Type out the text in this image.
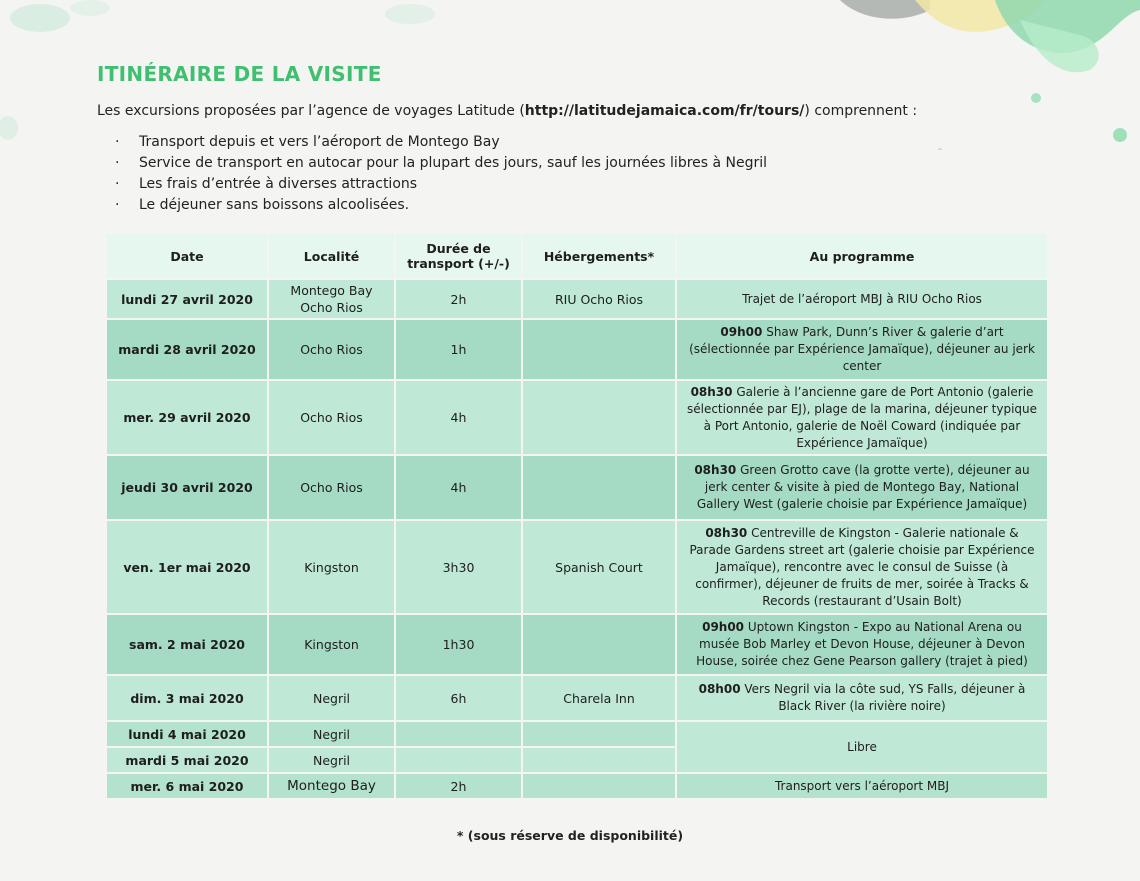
ITINÉRAIRE DE LA VISITE

Les excursions proposées par l’agence de voyages Latitude (http://latitudejamaica.com/fr/tours/) comprennent :

· Transport depuis et vers l’aéroport de Montego Bay
· Service de transport en autocar pour la plupart des jours, sauf les journées libres à Negril
· Les frais d’entrée à diverses attractions
· Le déjeuner sans boissons alcoolisées.
Date	Localité	Durée de transport (+/-)	Hébergements*	Au programme
lundi 27 avril 2020	Montego Bay Ocho Rios	2h	RIU Ocho Rios	Trajet de l’aéroport MBJ à RIU Ocho Rios
mardi 28 avril 2020	Ocho Rios	1h		09h00 Shaw Park, Dunn’s River & galerie d’art (sélectionnée par Expérience Jamaïque), déjeuner au jerk center
mer. 29 avril 2020	Ocho Rios	4h		08h30 Galerie à l’ancienne gare de Port Antonio (galerie sélectionnée par EJ), plage de la marina, déjeuner typique à Port Antonio, galerie de Noël Coward (indiquée par Expérience Jamaïque)
jeudi 30 avril 2020	Ocho Rios	4h		08h30 Green Grotto cave (la grotte verte), déjeuner au jerk center & visite à pied de Montego Bay, National Gallery West (galerie choisie par Expérience Jamaïque)
ven. 1er mai 2020	Kingston	3h30	Spanish Court	08h30 Centreville de Kingston - Galerie nationale & Parade Gardens street art (galerie choisie par Expérience Jamaïque), rencontre avec le consul de Suisse (à confirmer), déjeuner de fruits de mer, soirée à Tracks & Records (restaurant d’Usain Bolt)
sam. 2 mai 2020	Kingston	1h30		09h00 Uptown Kingston - Expo au National Arena ou musée Bob Marley et Devon House, déjeuner à Devon House, soirée chez Gene Pearson gallery (trajet à pied)
dim. 3 mai 2020	Negril	6h	Charela Inn	08h00 Vers Negril via la côte sud, YS Falls, déjeuner à Black River (la rivière noire)
lundi 4 mai 2020	Negril			Libre
mardi 5 mai 2020	Negril			
mer. 6 mai 2020	Montego Bay	2h		Transport vers l’aéroport MBJ
* (sous réserve de disponibilité)
